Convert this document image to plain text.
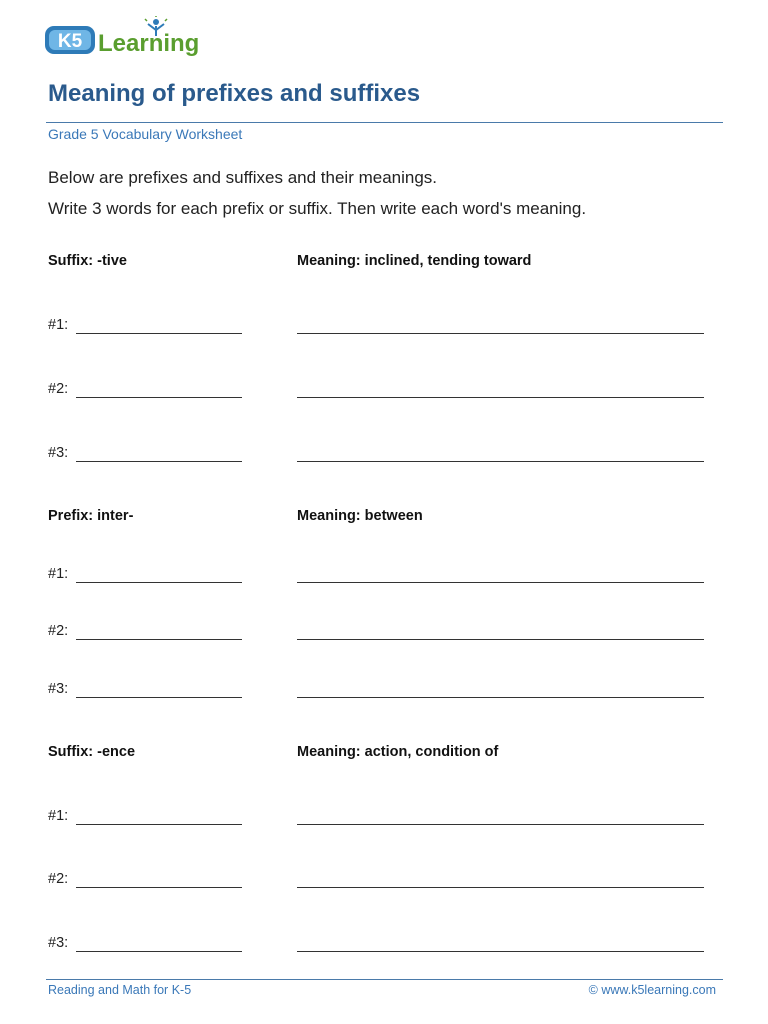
K5 Learning
Meaning of prefixes and suffixes
Grade 5 Vocabulary Worksheet
Below are prefixes and suffixes and their meanings.
Write 3 words for each prefix or suffix. Then write each word's meaning.
Suffix: -tive	Meaning: inclined, tending toward
#1:
#2:
#3:
Prefix: inter-	Meaning: between
#1:
#2:
#3:
Suffix: -ence	Meaning: action, condition of
#1:
#2:
#3:
Reading and Math for K-5	© www.k5learning.com
